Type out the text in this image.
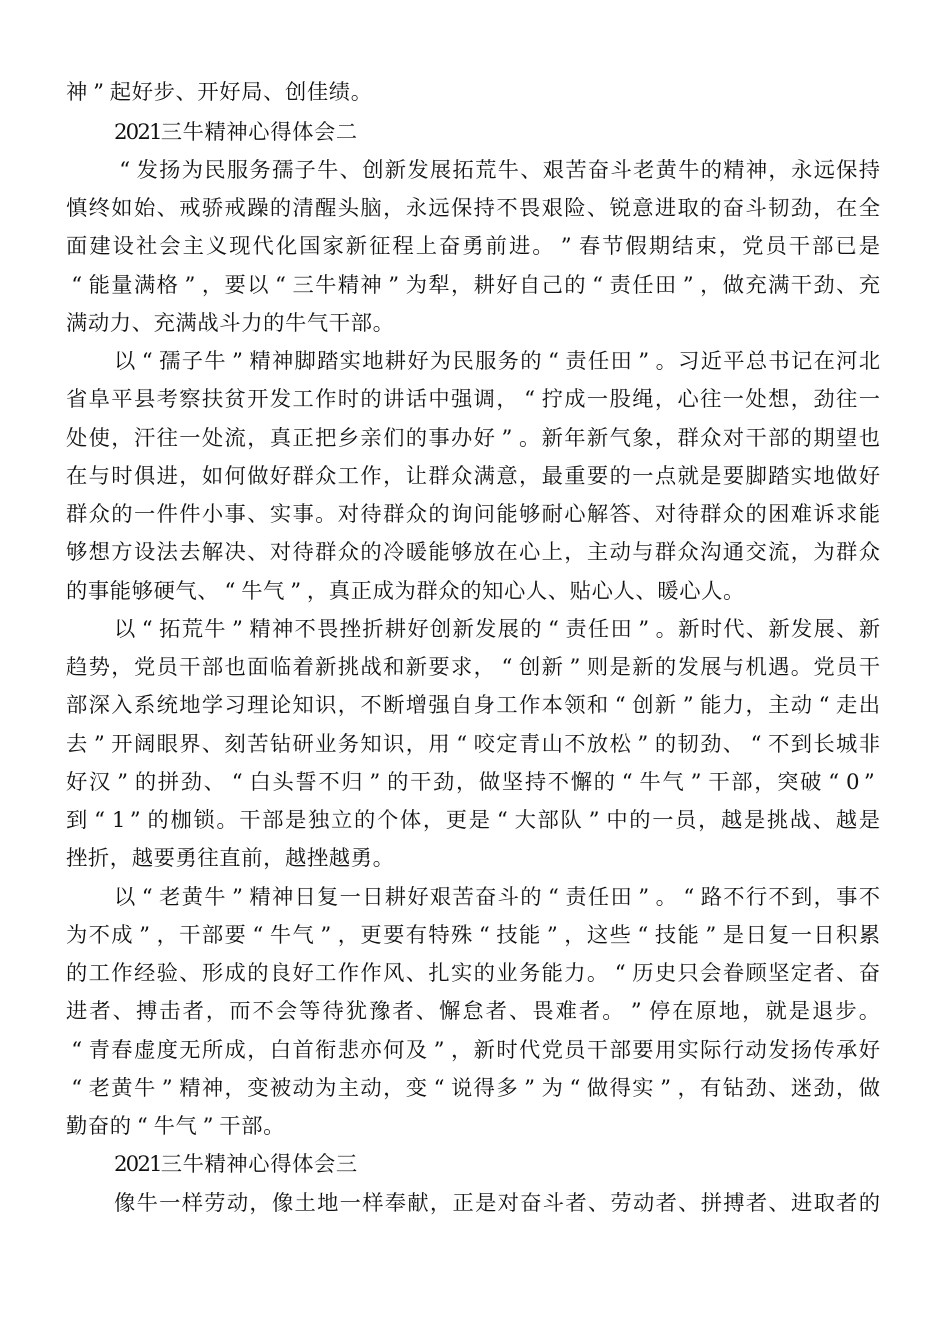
神 ” 起 好 步 、 开 好 局 、 创 佳 绩 。
2
0
2
1
三 牛 精 神 心 得 体 会 二
“ 发 扬 为 民 服 务 孺 子 牛 、 创 新 发 展 拓 荒 牛 、 艰 苦 奋 斗 老 黄 牛 的 精 神 ， 永 远 保 持
慎 终 如 始 、 戒 骄 戒 躁 的 清 醒 头 脑 ， 永 远 保 持 不 畏 艰 险 、 锐 意 进 取 的 奋 斗 韧 劲 ， 在 全
面 建 设 社 会 主 义 现 代 化 国 家 新 征 程 上 奋 勇 前 进 。 ” 春 节 假 期 结 束 ， 党 员 干 部 已 是
“ 能 量 满 格 ” ， 要 以 “ 三 牛 精 神 ” 为 犁 ， 耕 好 自 己 的 “ 责 任 田 ” ， 做 充 满 干 劲 、 充
满 动 力 、 充 满 战 斗 力 的 牛 气 干 部 。
以 “ 孺 子 牛 ” 精 神 脚 踏 实 地 耕 好 为 民 服 务 的 “ 责 任 田 ” 。 习 近 平 总 书 记 在 河 北
省 阜 平 县 考 察 扶 贫 开 发 工 作 时 的 讲 话 中 强 调 ， “ 拧 成 一 股 绳 ， 心 往 一 处 想 ， 劲 往 一
处 使 ， 汗 往 一 处 流 ， 真 正 把 乡 亲 们 的 事 办 好 ” 。 新 年 新 气 象 ， 群 众 对 干 部 的 期 望 也
在 与 时 俱 进 ， 如 何 做 好 群 众 工 作 ， 让 群 众 满 意 ， 最 重 要 的 一 点 就 是 要 脚 踏 实 地 做 好
群 众 的 一 件 件 小 事 、 实 事 。 对 待 群 众 的 询 问 能 够 耐 心 解 答 、 对 待 群 众 的 困 难 诉 求 能
够 想 方 设 法 去 解 决 、 对 待 群 众 的 冷 暖 能 够 放 在 心 上 ， 主 动 与 群 众 沟 通 交 流 ， 为 群 众
的 事 能 够 硬 气 、 “ 牛 气 ” ， 真 正 成 为 群 众 的 知 心 人 、 贴 心 人 、 暖 心 人 。
以 “ 拓 荒 牛 ” 精 神 不 畏 挫 折 耕 好 创 新 发 展 的 “ 责 任 田 ” 。 新 时 代 、 新 发 展 、 新
趋 势 ， 党 员 干 部 也 面 临 着 新 挑 战 和 新 要 求 ， “ 创 新 ” 则 是 新 的 发 展 与 机 遇 。 党 员 干
部 深 入 系 统 地 学 习 理 论 知 识 ， 不 断 增 强 自 身 工 作 本 领 和 “ 创 新 ” 能 力 ， 主 动 “ 走 出
去 ” 开 阔 眼 界 、 刻 苦 钻 研 业 务 知 识 ， 用 “ 咬 定 青 山 不 放 松 ” 的 韧 劲 、 “ 不 到 长 城 非
好 汉 ” 的 拼 劲 、 “ 白 头 誓 不 归 ” 的 干 劲 ， 做 坚 持 不 懈 的 “ 牛 气 ” 干 部 ， 突 破 “ 0 ”
到 “ 1 ” 的 枷 锁 。 干 部 是 独 立 的 个 体 ， 更 是 “ 大 部 队 ” 中 的 一 员 ， 越 是 挑 战 、 越 是
挫 折 ， 越 要 勇 往 直 前 ， 越 挫 越 勇 。
以 “ 老 黄 牛 ” 精 神 日 复 一 日 耕 好 艰 苦 奋 斗 的 “ 责 任 田 ” 。 “ 路 不 行 不 到 ， 事 不
为 不 成 ” ， 干 部 要 “ 牛 气 ” ， 更 要 有 特 殊 “ 技 能 ” ， 这 些 “ 技 能 ” 是 日 复 一 日 积 累
的 工 作 经 验 、 形 成 的 良 好 工 作 作 风 、 扎 实 的 业 务 能 力 。 “ 历 史 只 会 眷 顾 坚 定 者 、 奋
进 者 、 搏 击 者 ， 而 不 会 等 待 犹 豫 者 、 懈 怠 者 、 畏 难 者 。 ” 停 在 原 地 ， 就 是 退 步 。
“ 青 春 虚 度 无 所 成 ， 白 首 衔 悲 亦 何 及 ” ， 新 时 代 党 员 干 部 要 用 实 际 行 动 发 扬 传 承 好
“ 老 黄 牛 ” 精 神 ， 变 被 动 为 主 动 ， 变 “ 说 得 多 ” 为 “ 做 得 实 ” ， 有 钻 劲 、 迷 劲 ， 做
勤 奋 的 “ 牛 气 ” 干 部 。
2
0
2
1
三 牛 精 神 心 得 体 会 三
像 牛 一 样 劳 动 ， 像 土 地 一 样 奉 献 ， 正 是 对 奋 斗 者 、 劳 动 者 、 拼 搏 者 、 进 取 者 的
